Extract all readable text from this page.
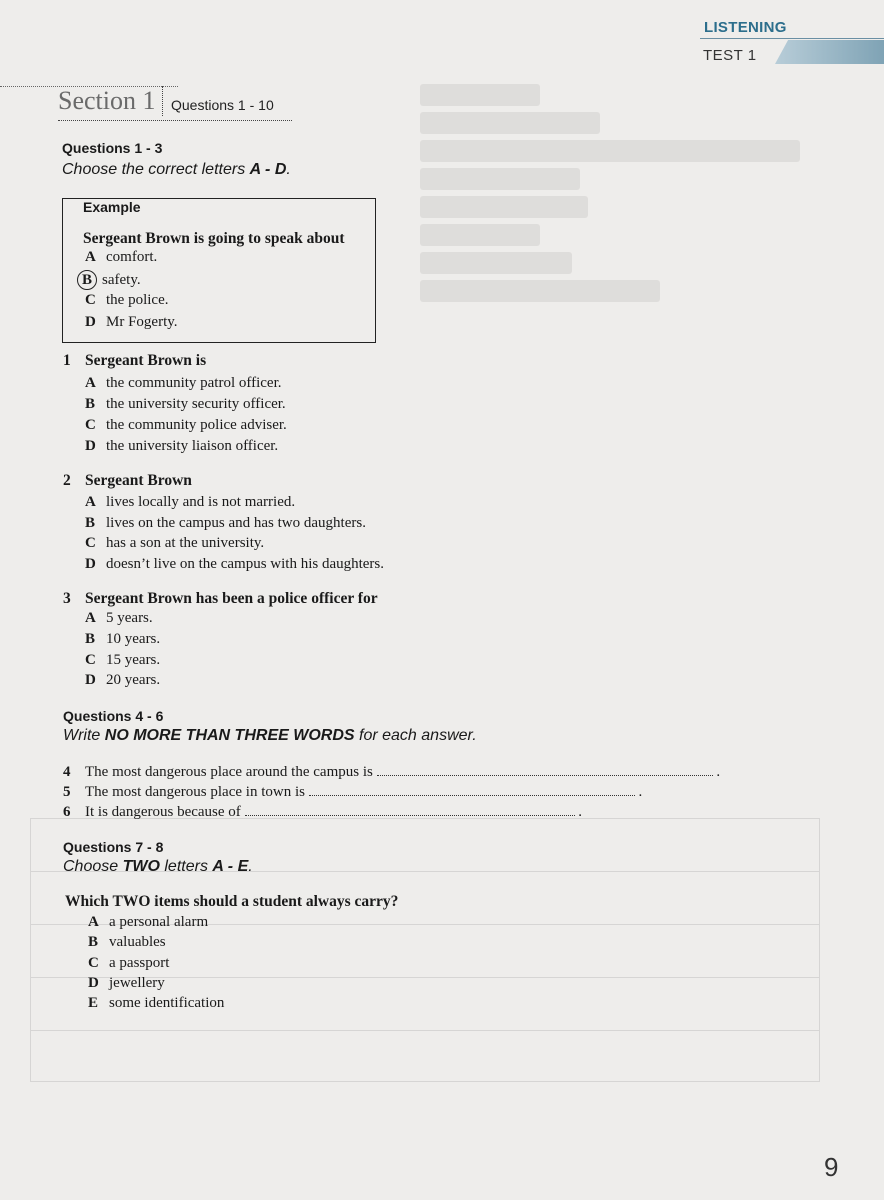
LISTENING
TEST 1
Section 1	Questions 1 - 10
Questions 1 - 3
Choose the correct letters A - D.
Example
Sergeant Brown is going to speak about
A comfort.
B safety.
C the police.
D Mr Fogerty.
1 Sergeant Brown is
A the community patrol officer.
B the university security officer.
C the community police adviser.
D the university liaison officer.
2 Sergeant Brown
A lives locally and is not married.
B lives on the campus and has two daughters.
C has a son at the university.
D doesn’t live on the campus with his daughters.
3 Sergeant Brown has been a police officer for
A 5 years.
B 10 years.
C 15 years.
D 20 years.
Questions 4 - 6
Write NO MORE THAN THREE WORDS for each answer.
4 The most dangerous place around the campus is	.
5 The most dangerous place in town is	.
6 It is dangerous because of	.
Questions 7 - 8
Choose TWO letters A - E.
Which TWO items should a student always carry?
A a personal alarm
B valuables
C a passport
D jewellery
E some identification
9
